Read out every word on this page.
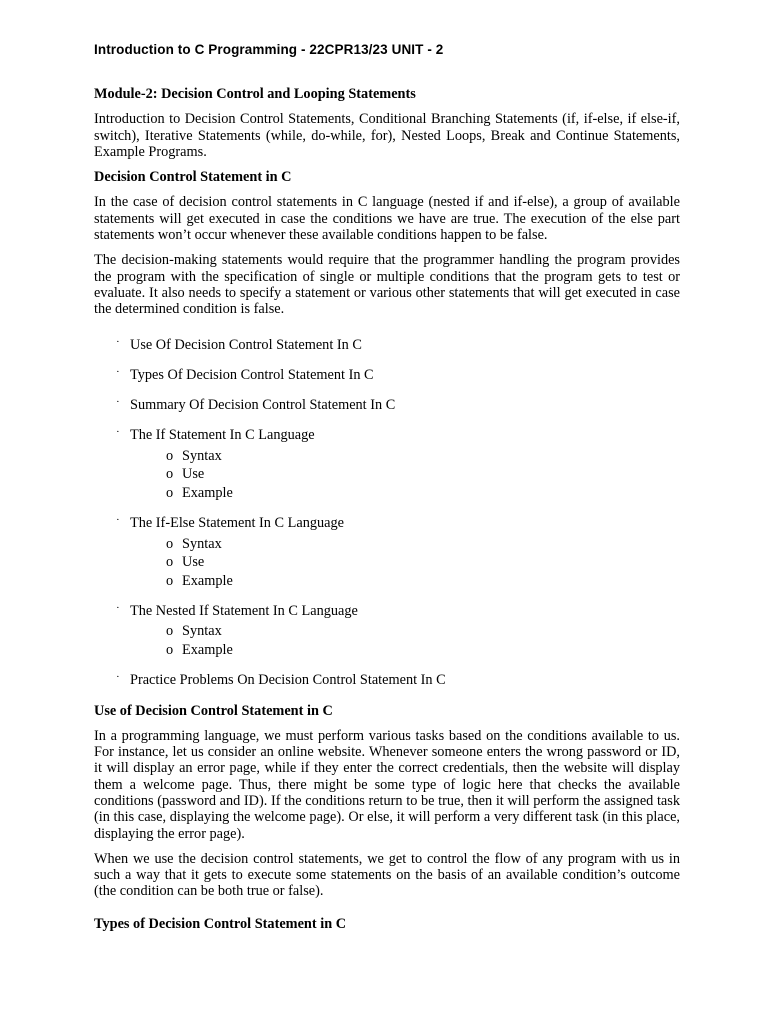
Introduction to C Programming - 22CPR13/23 UNIT - 2
Module-2: Decision Control and Looping Statements

Introduction to Decision Control Statements, Conditional Branching Statements (if, if-else, if else-if, switch), Iterative Statements (while, do-while, for), Nested Loops, Break and Continue Statements, Example Programs.

Decision Control Statement in C

In the case of decision control statements in C language (nested if and if-else), a group of available statements will get executed in case the conditions we have are true. The execution of the else part statements won’t occur whenever these available conditions happen to be false.

The decision-making statements would require that the programmer handling the program provides the program with the specification of single or multiple conditions that the program gets to test or evaluate. It also needs to specify a statement or various other statements that will get executed in case the determined condition is false.

· Use Of Decision Control Statement In C
· Types Of Decision Control Statement In C
· Summary Of Decision Control Statement In C
· The If Statement In C Language
o Syntax
o Use
o Example
· The If-Else Statement In C Language
o Syntax
o Use
o Example
· The Nested If Statement In C Language
o Syntax
o Example
· Practice Problems On Decision Control Statement In C
Use of Decision Control Statement in C

In a programming language, we must perform various tasks based on the conditions available to us. For instance, let us consider an online website. Whenever someone enters the wrong password or ID, it will display an error page, while if they enter the correct credentials, then the website will display them a welcome page. Thus, there might be some type of logic here that checks the available conditions (password and ID). If the conditions return to be true, then it will perform the assigned task (in this case, displaying the welcome page). Or else, it will perform a very different task (in this place, displaying the error page).

When we use the decision control statements, we get to control the flow of any program with us in such a way that it gets to execute some statements on the basis of an available condition’s outcome (the condition can be both true or false).

Types of Decision Control Statement in C
